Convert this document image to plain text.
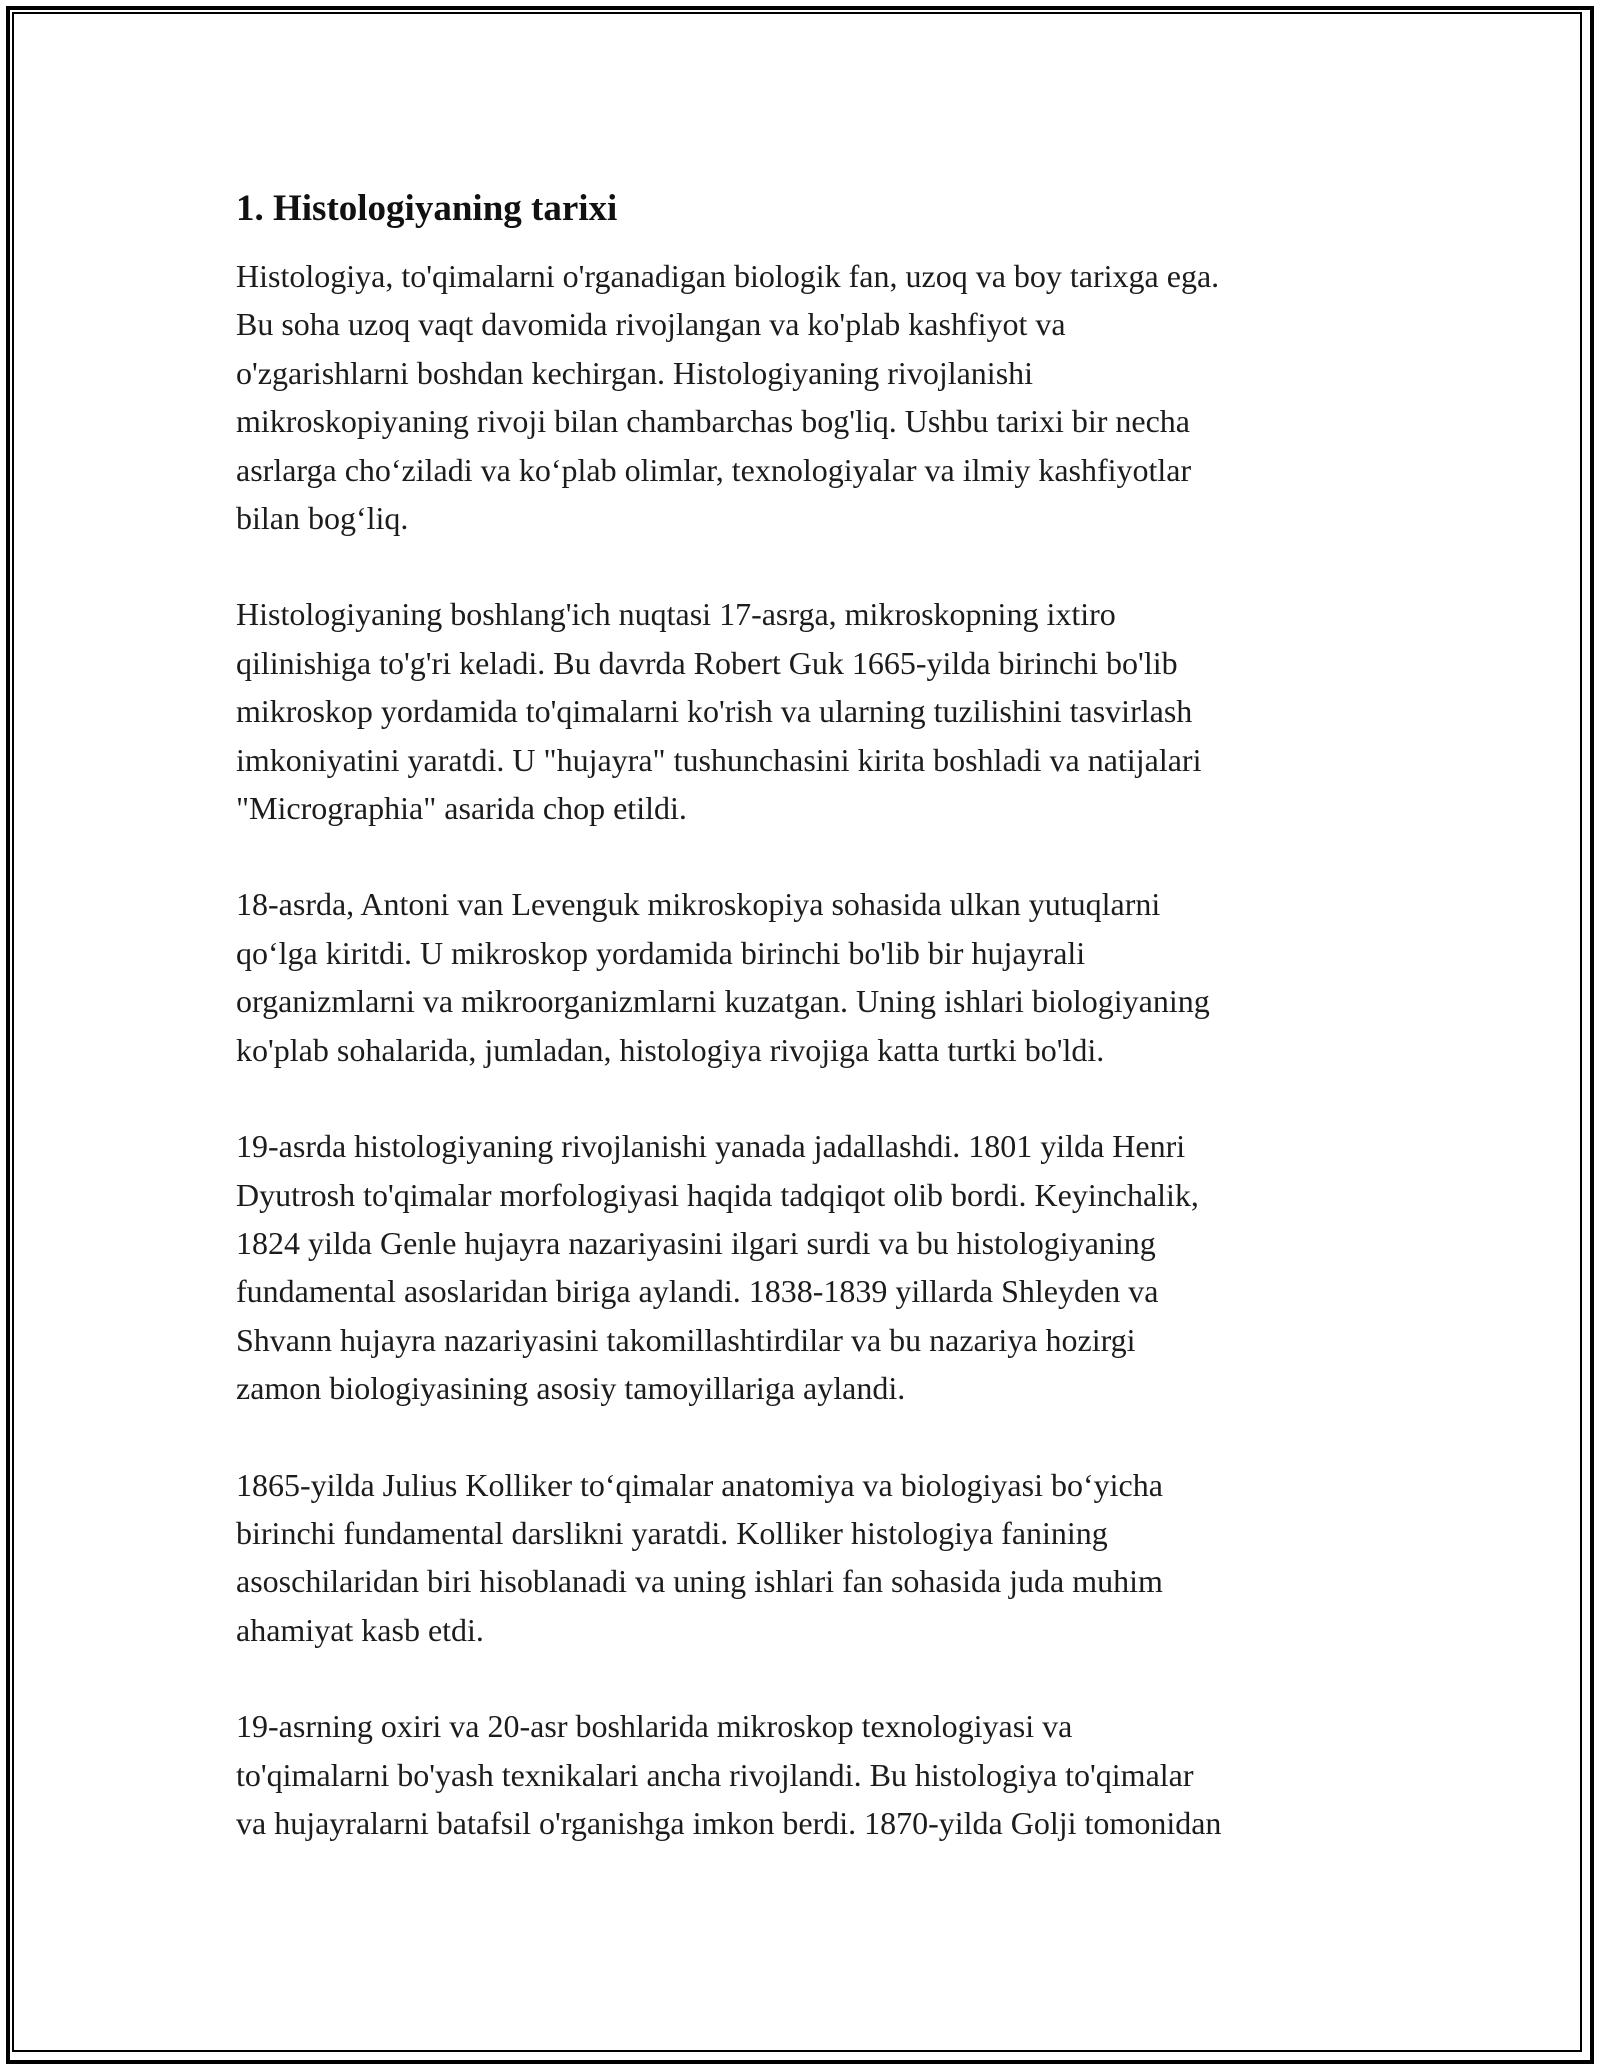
1. Histologiyaning tarixi

Histologiya, to'qimalarni o'rganadigan biologik fan, uzoq va boy tarixga ega.
Bu soha uzoq vaqt davomida rivojlangan va ko'plab kashfiyot va
o'zgarishlarni boshdan kechirgan. Histologiyaning rivojlanishi
mikroskopiyaning rivoji bilan chambarchas bog'liq. Ushbu tarixi bir necha
asrlarga choʻziladi va koʻplab olimlar, texnologiyalar va ilmiy kashfiyotlar
bilan bogʻliq.

Histologiyaning boshlang'ich nuqtasi 17-asrga, mikroskopning ixtiro
qilinishiga to'g'ri keladi. Bu davrda Robert Guk 1665-yilda birinchi bo'lib
mikroskop yordamida to'qimalarni ko'rish va ularning tuzilishini tasvirlash
imkoniyatini yaratdi. U "hujayra" tushunchasini kirita boshladi va natijalari
"Micrographia" asarida chop etildi.

18-asrda, Antoni van Levenguk mikroskopiya sohasida ulkan yutuqlarni
qoʻlga kiritdi. U mikroskop yordamida birinchi bo'lib bir hujayrali
organizmlarni va mikroorganizmlarni kuzatgan. Uning ishlari biologiyaning
ko'plab sohalarida, jumladan, histologiya rivojiga katta turtki bo'ldi.

19-asrda histologiyaning rivojlanishi yanada jadallashdi. 1801 yilda Henri
Dyutrosh to'qimalar morfologiyasi haqida tadqiqot olib bordi. Keyinchalik,
1824 yilda Genle hujayra nazariyasini ilgari surdi va bu histologiyaning
fundamental asoslaridan biriga aylandi. 1838-1839 yillarda Shleyden va
Shvann hujayra nazariyasini takomillashtirdilar va bu nazariya hozirgi
zamon biologiyasining asosiy tamoyillariga aylandi.

1865-yilda Julius Kolliker toʻqimalar anatomiya va biologiyasi boʻyicha
birinchi fundamental darslikni yaratdi. Kolliker histologiya fanining
asoschilaridan biri hisoblanadi va uning ishlari fan sohasida juda muhim
ahamiyat kasb etdi.

19-asrning oxiri va 20-asr boshlarida mikroskop texnologiyasi va
to'qimalarni bo'yash texnikalari ancha rivojlandi. Bu histologiya to'qimalar
va hujayralarni batafsil o'rganishga imkon berdi. 1870-yilda Golji tomonidan
